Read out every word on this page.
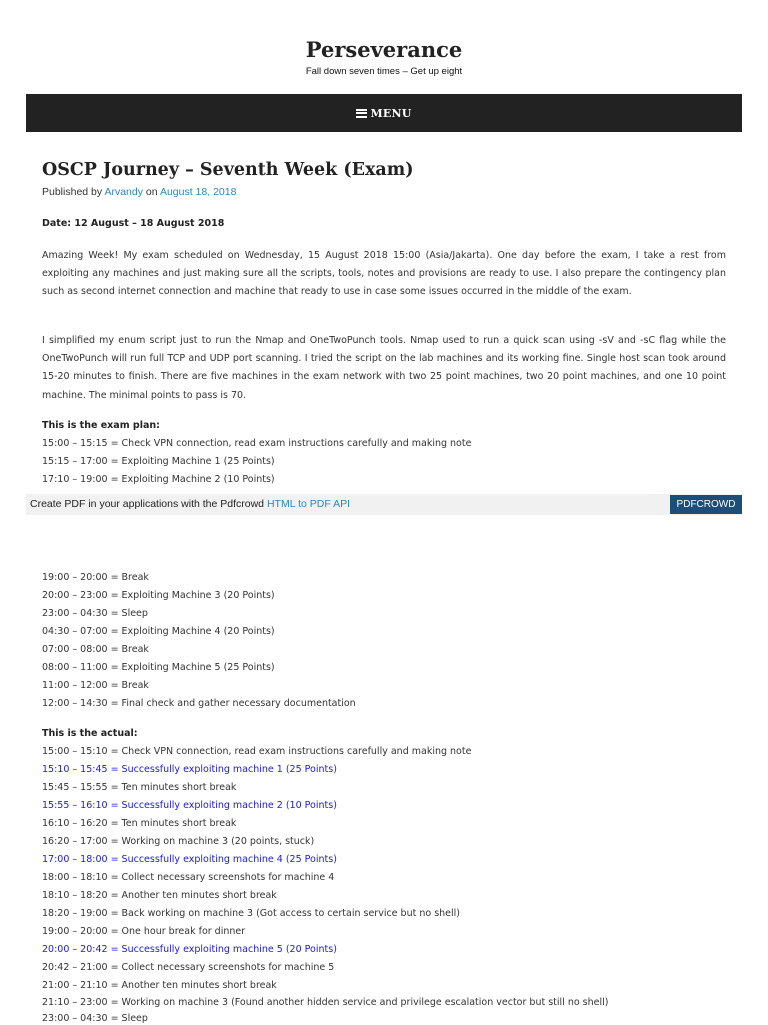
Perseverance
Fall down seven times – Get up eight
MENU
OSCP Journey – Seventh Week (Exam)
Published by Arvandy on August 18, 2018
Date: 12 August – 18 August 2018

Amazing Week! My exam scheduled on Wednesday, 15 August 2018 15:00 (Asia/Jakarta). One day before the exam, I take a rest from exploiting any machines and just making sure all the scripts, tools, notes and provisions are ready to use. I also prepare the contingency plan such as second internet connection and machine that ready to use in case some issues occurred in the middle of the exam.

I simplified my enum script just to run the Nmap and OneTwoPunch tools. Nmap used to run a quick scan using -sV and -sC flag while the OneTwoPunch will run full TCP and UDP port scanning. I tried the script on the lab machines and its working fine. Single host scan took around 15-20 minutes to finish. There are five machines in the exam network with two 25 point machines, two 20 point machines, and one 10 point machine. The minimal points to pass is 70.

This is the exam plan:
15:00 – 15:15 = Check VPN connection, read exam instructions carefully and making note
15:15 – 17:00 = Exploiting Machine 1 (25 Points)
17:10 – 19:00 = Exploiting Machine 2 (10 Points)
Create PDF in your applications with the Pdfcrowd HTML to PDF API	PDFCROWD
19:00 – 20:00 = Break
20:00 – 23:00 = Exploiting Machine 3 (20 Points)
23:00 – 04:30 = Sleep
04:30 – 07:00 = Exploiting Machine 4 (20 Points)
07:00 – 08:00 = Break
08:00 – 11:00 = Exploiting Machine 5 (25 Points)
11:00 – 12:00 = Break
12:00 – 14:30 = Final check and gather necessary documentation
This is the actual:
15:00 – 15:10 = Check VPN connection, read exam instructions carefully and making note
15:10 – 15:45 = Successfully exploiting machine 1 (25 Points)
15:45 – 15:55 = Ten minutes short break
15:55 – 16:10 = Successfully exploiting machine 2 (10 Points)
16:10 – 16:20 = Ten minutes short break
16:20 – 17:00 = Working on machine 3 (20 points, stuck)
17:00 – 18:00 = Successfully exploiting machine 4 (25 Points)
18:00 – 18:10 = Collect necessary screenshots for machine 4
18:10 – 18:20 = Another ten minutes short break
18:20 – 19:00 = Back working on machine 3 (Got access to certain service but no shell)
19:00 – 20:00 = One hour break for dinner
20:00 – 20:42 = Successfully exploiting machine 5 (20 Points)
20:42 – 21:00 = Collect necessary screenshots for machine 5
21:00 – 21:10 = Another ten minutes short break
21:10 – 23:00 = Working on machine 3 (Found another hidden service and privilege escalation vector but still no shell)
23:00 – 04:30 = Sleep
